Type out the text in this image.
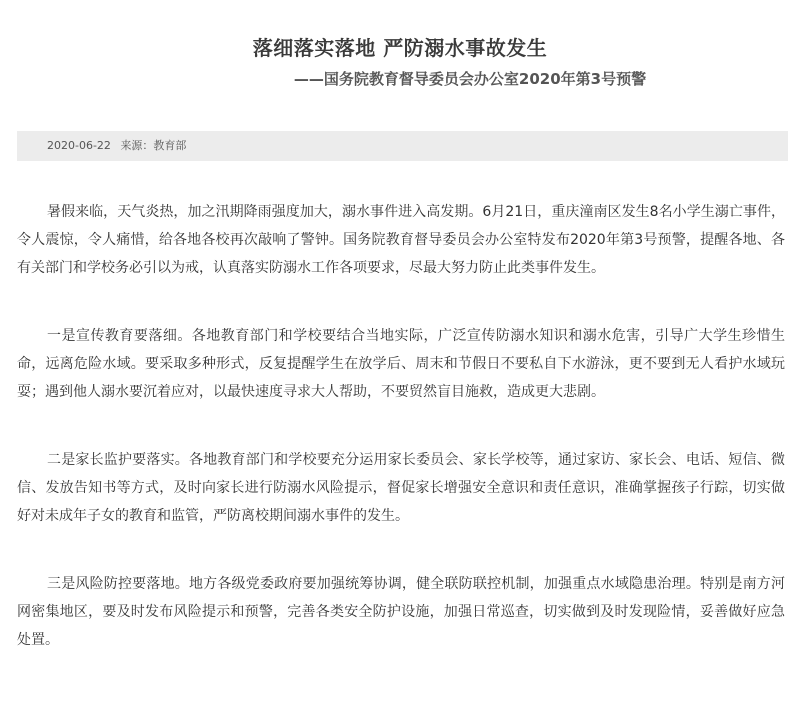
落细落实落地 严防溺水事故发生
——国务院教育督导委员会办公室2020年第3号预警
2020-06-22 来源：教育部

暑假来临，天气炎热，加之汛期降雨强度加大，溺水事件进入高发期。6月21日，重庆潼南区发生8名小学生溺亡事件，令人震惊，令人痛惜，给各地各校再次敲响了警钟。国务院教育督导委员会办公室特发布2020年第3号预警，提醒各地、各有关部门和学校务必引以为戒，认真落实防溺水工作各项要求，尽最大努力防止此类事件发生。

一是宣传教育要落细。各地教育部门和学校要结合当地实际，广泛宣传防溺水知识和溺水危害，引导广大学生珍惜生命，远离危险水域。要采取多种形式，反复提醒学生在放学后、周末和节假日不要私自下水游泳，更不要到无人看护水域玩耍；遇到他人溺水要沉着应对，以最快速度寻求大人帮助，不要贸然盲目施救，造成更大悲剧。

二是家长监护要落实。各地教育部门和学校要充分运用家长委员会、家长学校等，通过家访、家长会、电话、短信、微信、发放告知书等方式，及时向家长进行防溺水风险提示，督促家长增强安全意识和责任意识，准确掌握孩子行踪，切实做好对未成年子女的教育和监管，严防离校期间溺水事件的发生。

三是风险防控要落地。地方各级党委政府要加强统筹协调，健全联防联控机制，加强重点水域隐患治理。特别是南方河网密集地区，要及时发布风险提示和预警，完善各类安全防护设施，加强日常巡查，切实做到及时发现险情，妥善做好应急处置。
